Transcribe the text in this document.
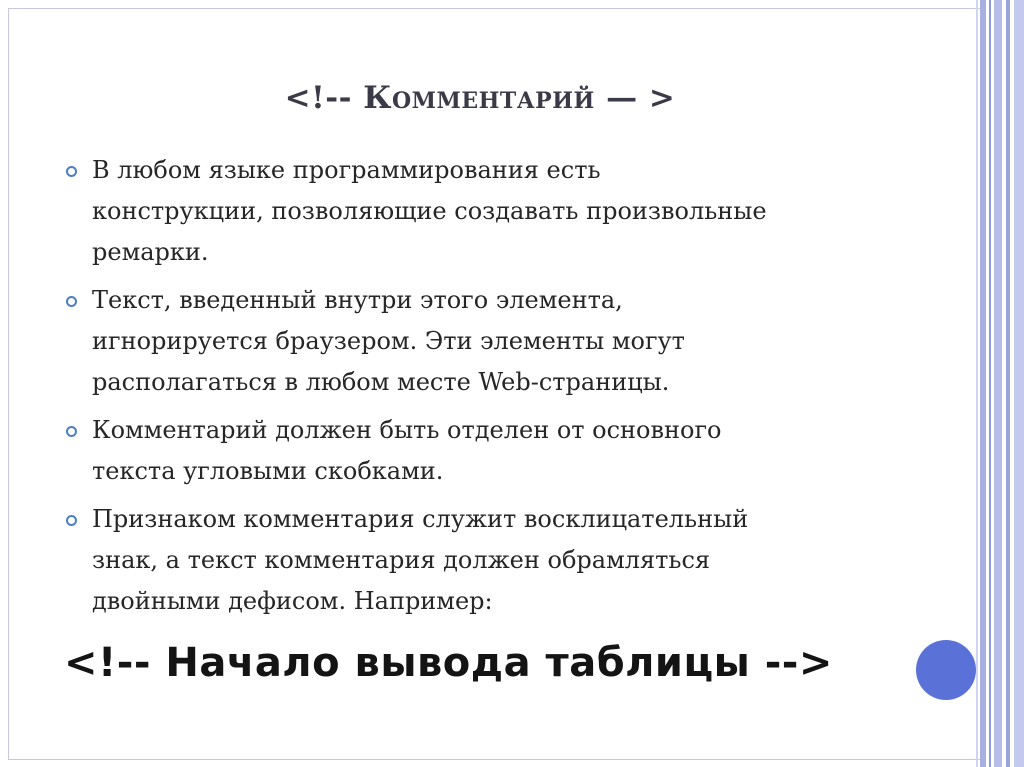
<!-- Комментарий — >
В любом языке программирования есть
конструкции, позволяющие создавать произвольные
ремарки.
Текст, введенный внутри этого элемента,
игнорируется браузером. Эти элементы могут
располагаться в любом месте Web-страницы.
Комментарий должен быть отделен от основного
текста угловыми скобками.
Признаком комментария служит восклицательный
знак, а текст комментария должен обрамляться
двойными дефисом. Например:
<!-- Начало вывода таблицы -->
